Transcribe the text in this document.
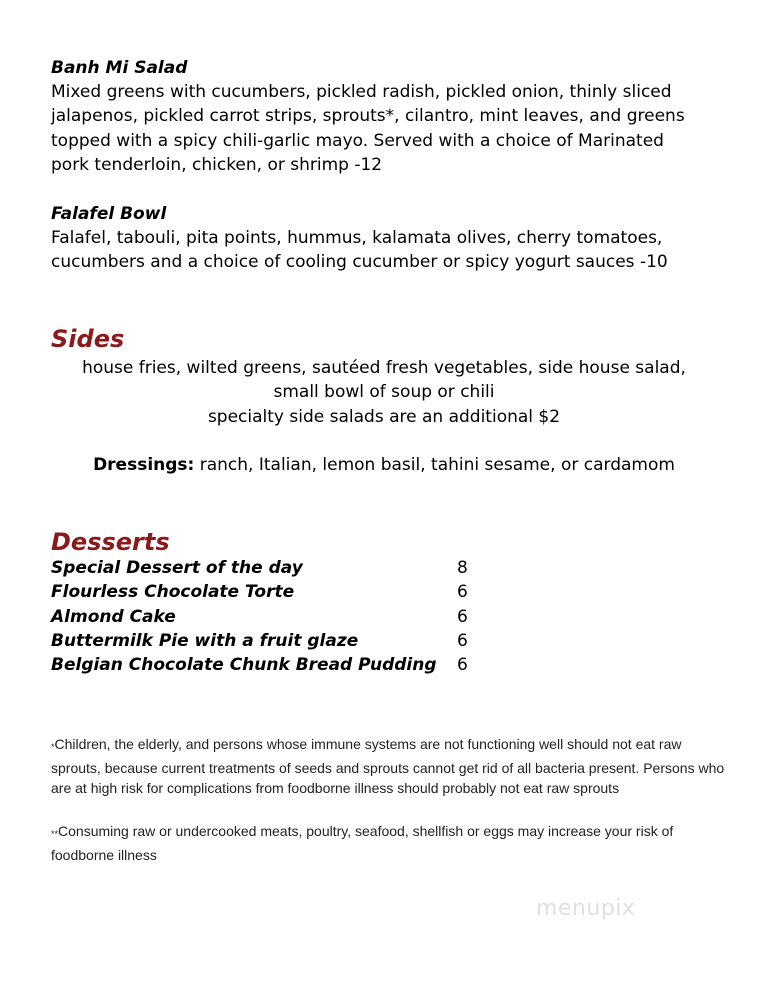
Banh Mi Salad
Mixed greens with cucumbers, pickled radish, pickled onion, thinly sliced
jalapenos, pickled carrot strips, sprouts*, cilantro, mint leaves, and greens
topped with a spicy chili-garlic mayo. Served with a choice of Marinated
pork tenderloin, chicken, or shrimp -12
Falafel Bowl
Falafel, tabouli, pita points, hummus, kalamata olives, cherry tomatoes,
cucumbers and a choice of cooling cucumber or spicy yogurt sauces -10
Sides
house fries, wilted greens, sautéed fresh vegetables, side house salad,
small bowl of soup or chili
specialty side salads are an additional $2
Dressings: ranch, Italian, lemon basil, tahini sesame, or cardamom
Desserts
Special Dessert of the day	8
Flourless Chocolate Torte	6
Almond Cake	6
Buttermilk Pie with a fruit glaze	6
Belgian Chocolate Chunk Bread Pudding 6
*Children, the elderly, and persons whose immune systems are not functioning well should not eat raw sprouts, because current treatments of seeds and sprouts cannot get rid of all bacteria present. Persons who are at high risk for complications from foodborne illness should probably not eat raw sprouts
**Consuming raw or undercooked meats, poultry, seafood, shellfish or eggs may increase your risk of foodborne illness
menupix
